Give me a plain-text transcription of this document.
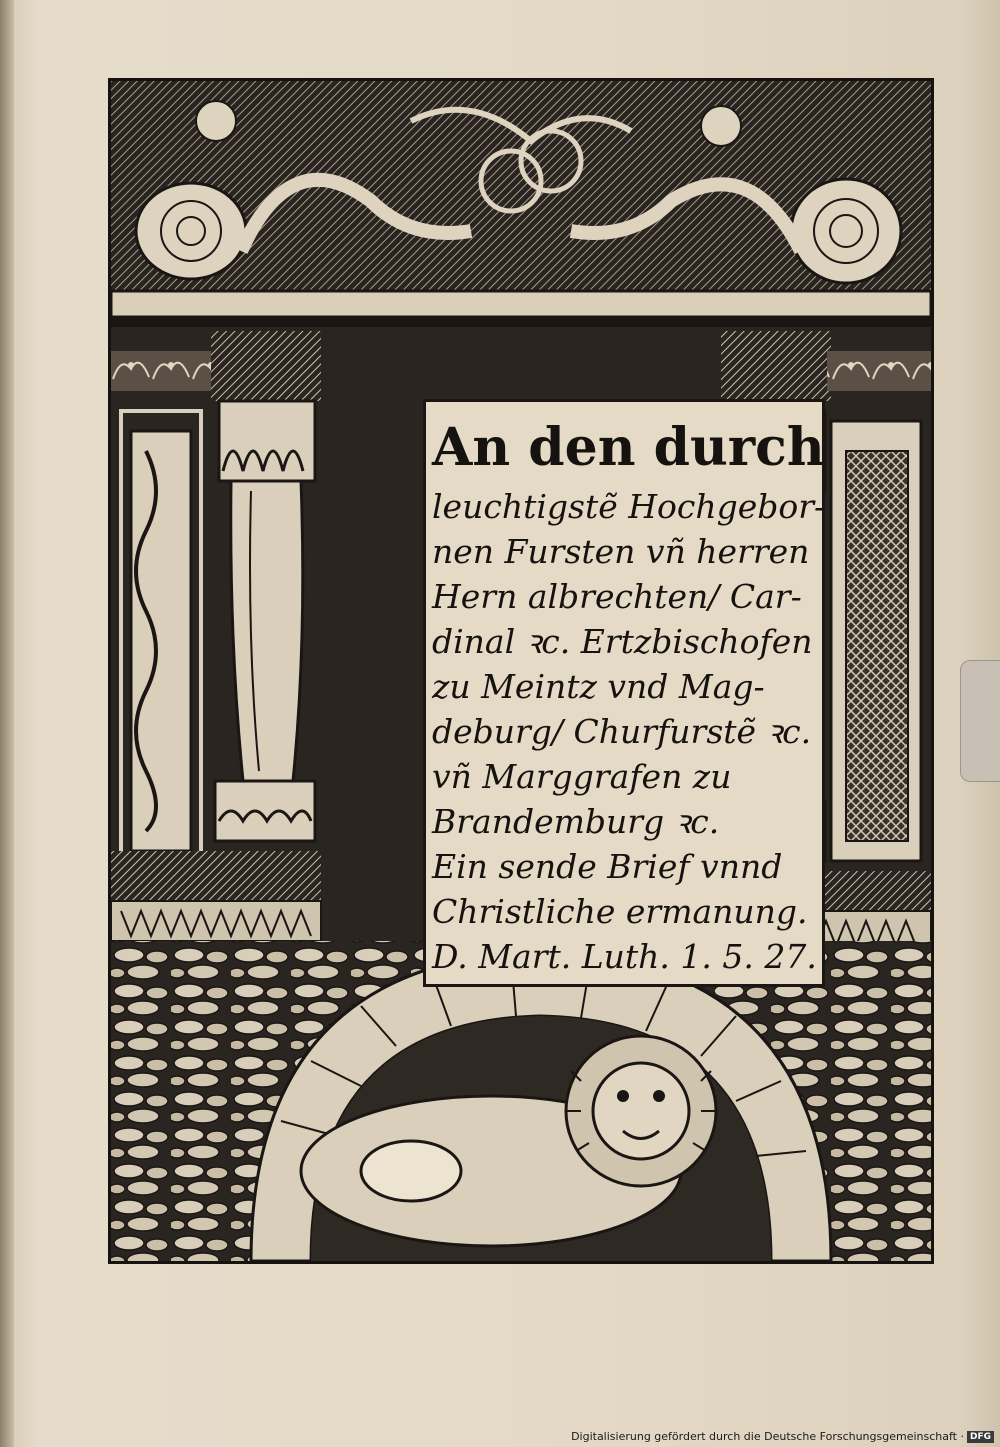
An den durch
leuchtigstẽ Hochgebor-
nen Fursten vñ herren
Hern albrechten/ Car-
dinal ꝛc. Ertzbischofen
zu Meintz vnd Mag-
deburg/ Churfurstẽ ꝛc.
vñ Marggrafen zu
Brandemburg ꝛc.
Ein sende Brief vnnd
Christliche ermanung.
D. Mart. Luth. 1. 5. 27.
Digitalisierung gefördert durch die Deutsche Forschungsgemeinschaft · DFG
